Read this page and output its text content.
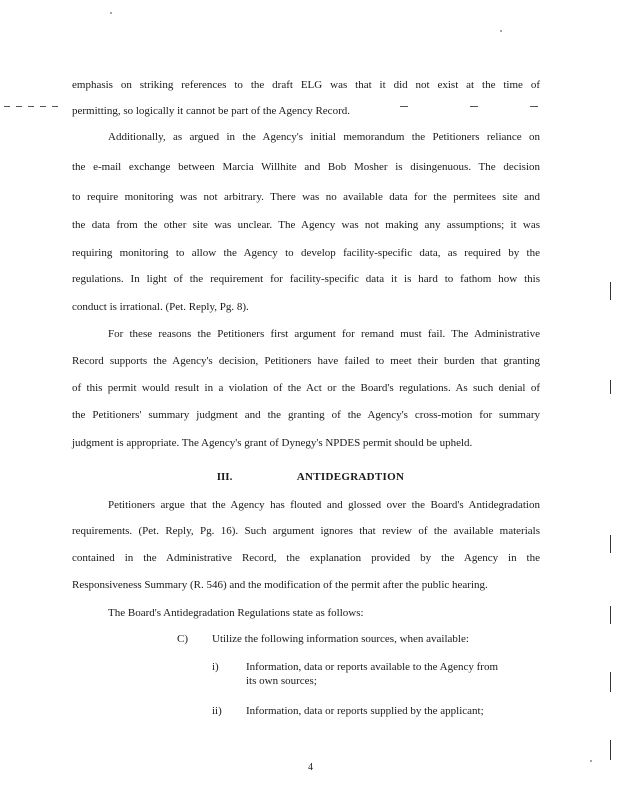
emphasis on striking references to the draft ELG was that it did not exist at the time of
permitting, so logically it cannot be part of the Agency Record.
Additionally, as argued in the Agency's initial memorandum the Petitioners reliance on
the e-mail exchange between Marcia Willhite and Bob Mosher is disingenuous. The decision
to require monitoring was not arbitrary. There was no available data for the permitees site and
the data from the other site was unclear. The Agency was not making any assumptions; it was
requiring monitoring to allow the Agency to develop facility-specific data, as required by the
regulations. In light of the requirement for facility-specific data it is hard to fathom how this
conduct is irrational. (Pet. Reply, Pg. 8).
For these reasons the Petitioners first argument for remand must fail. The Administrative
Record supports the Agency's decision, Petitioners have failed to meet their burden that granting
of this permit would result in a violation of the Act or the Board's regulations. As such denial of
the Petitioners' summary judgment and the granting of the Agency's cross-motion for summary
judgment is appropriate. The Agency's grant of Dynegy's NPDES permit should be upheld.
III.	ANTIDEGRADTION
Petitioners argue that the Agency has flouted and glossed over the Board's Antidegradation
requirements. (Pet. Reply, Pg. 16). Such argument ignores that review of the available materials
contained in the Administrative Record, the explanation provided by the Agency in the
Responsiveness Summary (R. 546) and the modification of the permit after the public hearing.
The Board's Antidegradation Regulations state as follows:
C) Utilize the following information sources, when available:
i) Information, data or reports available to the Agency from
its own sources;
ii) Information, data or reports supplied by the applicant;
4
